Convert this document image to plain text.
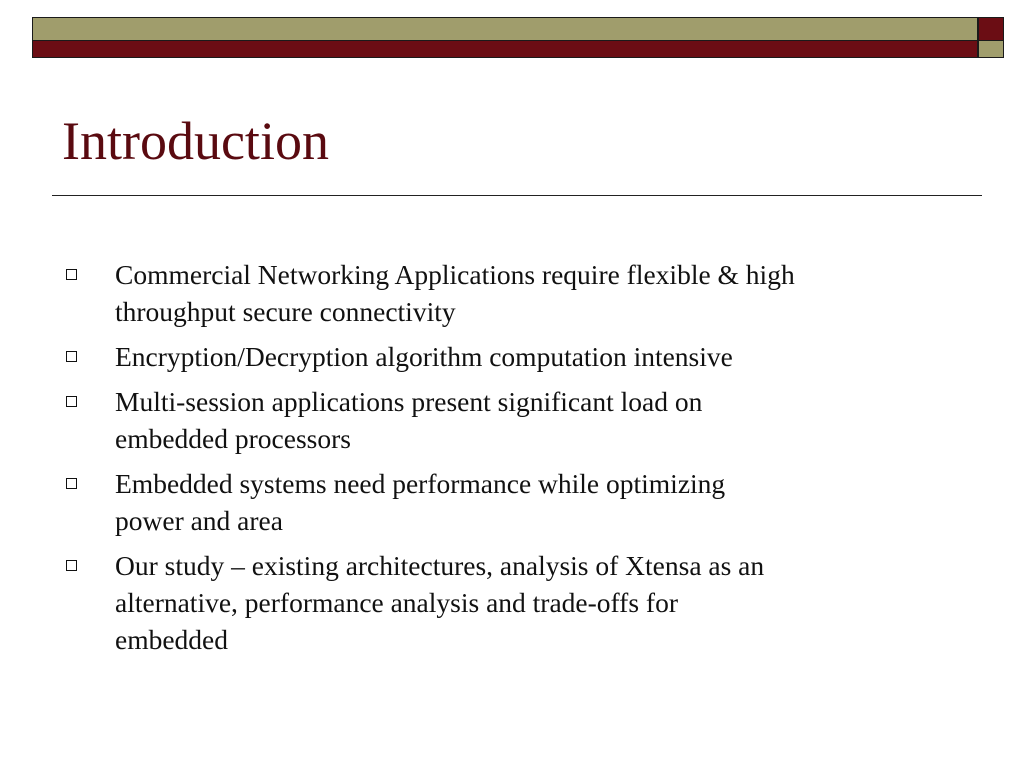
Introduction
Commercial Networking Applications require flexible & high
throughput secure connectivity
Encryption/Decryption algorithm computation intensive
Multi-session applications present significant load on
embedded processors
Embedded systems need performance while optimizing
power and area
Our study – existing architectures, analysis of Xtensa as an
alternative, performance analysis and trade-offs for
embedded
